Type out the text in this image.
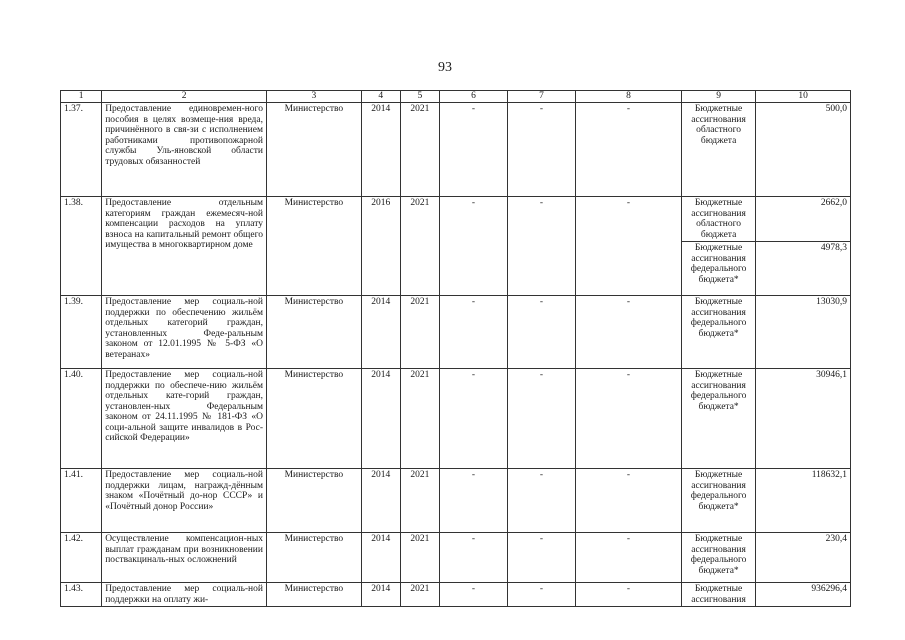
93
1	2	3	4	5	6	7	8	9	10
1.37.	Предоставление единовремен-ного пособия в целях возмеще-ния вреда, причинённого в свя-зи с исполнением работниками противопожарной службы Уль-яновской области трудовых обязанностей	Министерство	2014	2021	-	-	-	Бюджетные ассигнования областного бюджета	500,0
1.38.	Предоставление отдельным категориям граждан ежемесяч-ной компенсации расходов на уплату взноса на капитальный ремонт общего имущества в многоквартирном доме	Министерство	2016	2021	-	-	-	Бюджетные ассигнования областного бюджета	2662,0
								Бюджетные ассигнования федерального бюджета*	4978,3
1.39.	Предоставление мер социаль-ной поддержки по обеспечению жильём отдельных категорий граждан, установленных Феде-ральным законом от 12.01.1995 № 5-ФЗ «О ветеранах»	Министерство	2014	2021	-	-	-	Бюджетные ассигнования федерального бюджета*	13030,9
1.40.	Предоставление мер социаль-ной поддержки по обеспече-нию жильём отдельных кате-горий граждан, установлен-ных Федеральным законом от 24.11.1995 № 181-ФЗ «О соци-альной защите инвалидов в Рос-сийской Федерации»	Министерство	2014	2021	-	-	-	Бюджетные ассигнования федерального бюджета*	30946,1
1.41.	Предоставление мер социаль-ной поддержки лицам, награжд-дённым знаком «Почётный до-нор СССР» и «Почётный донор России»	Министерство	2014	2021	-	-	-	Бюджетные ассигнования федерального бюджета*	118632,1
1.42.	Осуществление компенсацион-ных выплат гражданам при возникновении поствакциналь-ных осложнений	Министерство	2014	2021	-	-	-	Бюджетные ассигнования федерального бюджета*	230,4
1.43.	Предоставление мер социаль-ной поддержки на оплату жи-	Министерство	2014	2021	-	-	-	Бюджетные ассигнования	936296,4
